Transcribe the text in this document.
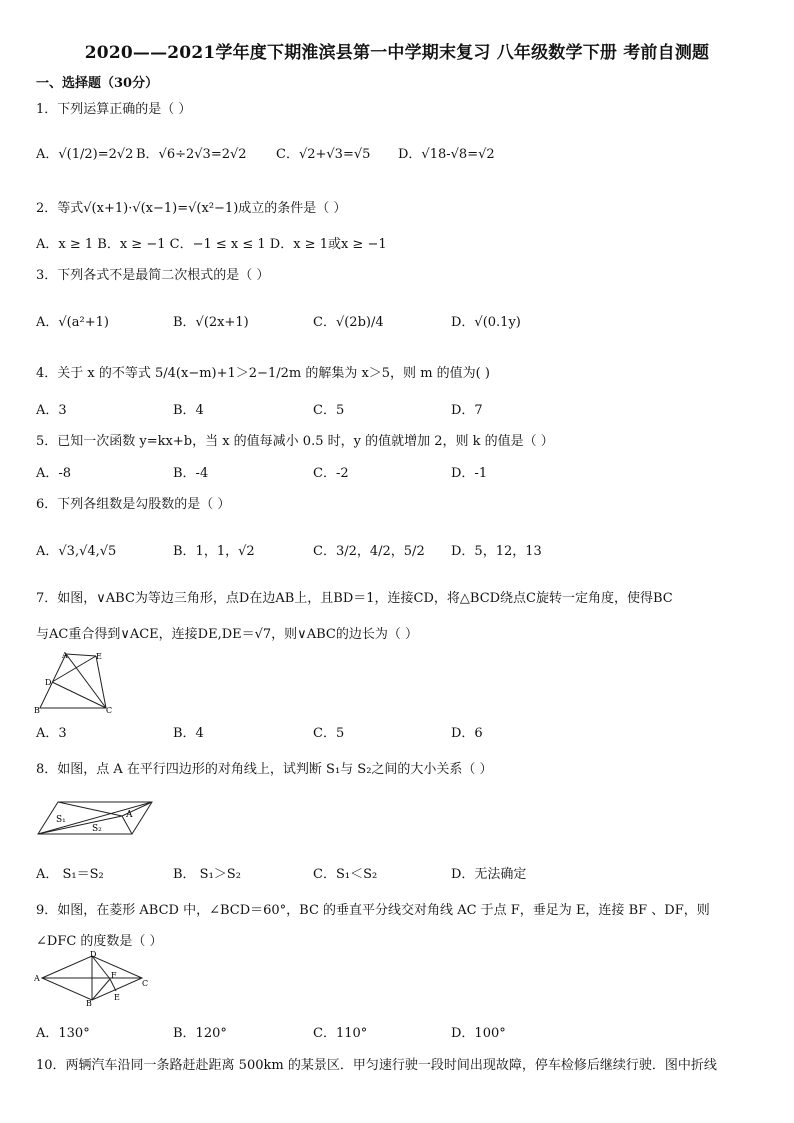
2020——2021学年度下期淮滨县第一中学期末复习 八年级数学下册 考前自测题
一、选择题（30分）
1．下列运算正确的是（ ）
A．√(1/2)=2√2 B．√6÷2√3=2√2 C．√2+√3=√5 D．√18-√8=√2
2．等式√(x+1)·√(x−1)=√(x²−1)成立的条件是（ ）
A．x ≥ 1 B．x ≥ −1 C．−1 ≤ x ≤ 1 D．x ≥ 1或x ≥ −1
3．下列各式不是最简二次根式的是（ ）
A．√(a²+1)	B．√(2x+1)	C．√(2b)/4	D．√(0.1y)
4．关于 x 的不等式 5/4(x−m)+1＞2−1/2m 的解集为 x＞5，则 m 的值为( )
A．3	B．4	C．5	D．7
5．已知一次函数 y=kx+b，当 x 的值每减小 0.5 时，y 的值就增加 2，则 k 的值是（ ）
A．-8	B．-4	C．-2	D．-1
6．下列各组数是勾股数的是（ ）
A．√3,√4,√5	B．1，1，√2	C．3/2，4/2，5/2 D．5，12，13
7．如图，∨ABC为等边三角形，点D在边AB上，且BD＝1，连接CD，将△BCD绕点C旋转一定角度，使得BC
与AC重合得到∨ACE，连接DE,DE＝√7，则∨ABC的边长为（ ）
A	E
D
B	C
A．3	B．4	C．5	D．6
8．如图，点 A 在平行四边形的对角线上，试判断 S₁与 S₂之间的大小关系（ ）
S₁
S₂
A
A． S₁＝S₂	B． S₁＞S₂	C．S₁＜S₂	D．无法确定
9．如图，在菱形 ABCD 中，∠BCD＝60°，BC 的垂直平分线交对角线 AC 于点 F，垂足为 E，连接 BF 、DF，则
∠DFC 的度数是（ ）
D
A	F
C
B
E
A．130°	B．120°	C．110°	D．100°
10．两辆汽车沿同一条路赶赴距离 500km 的某景区．甲匀速行驶一段时间出现故障，停车检修后继续行驶．图中折线
